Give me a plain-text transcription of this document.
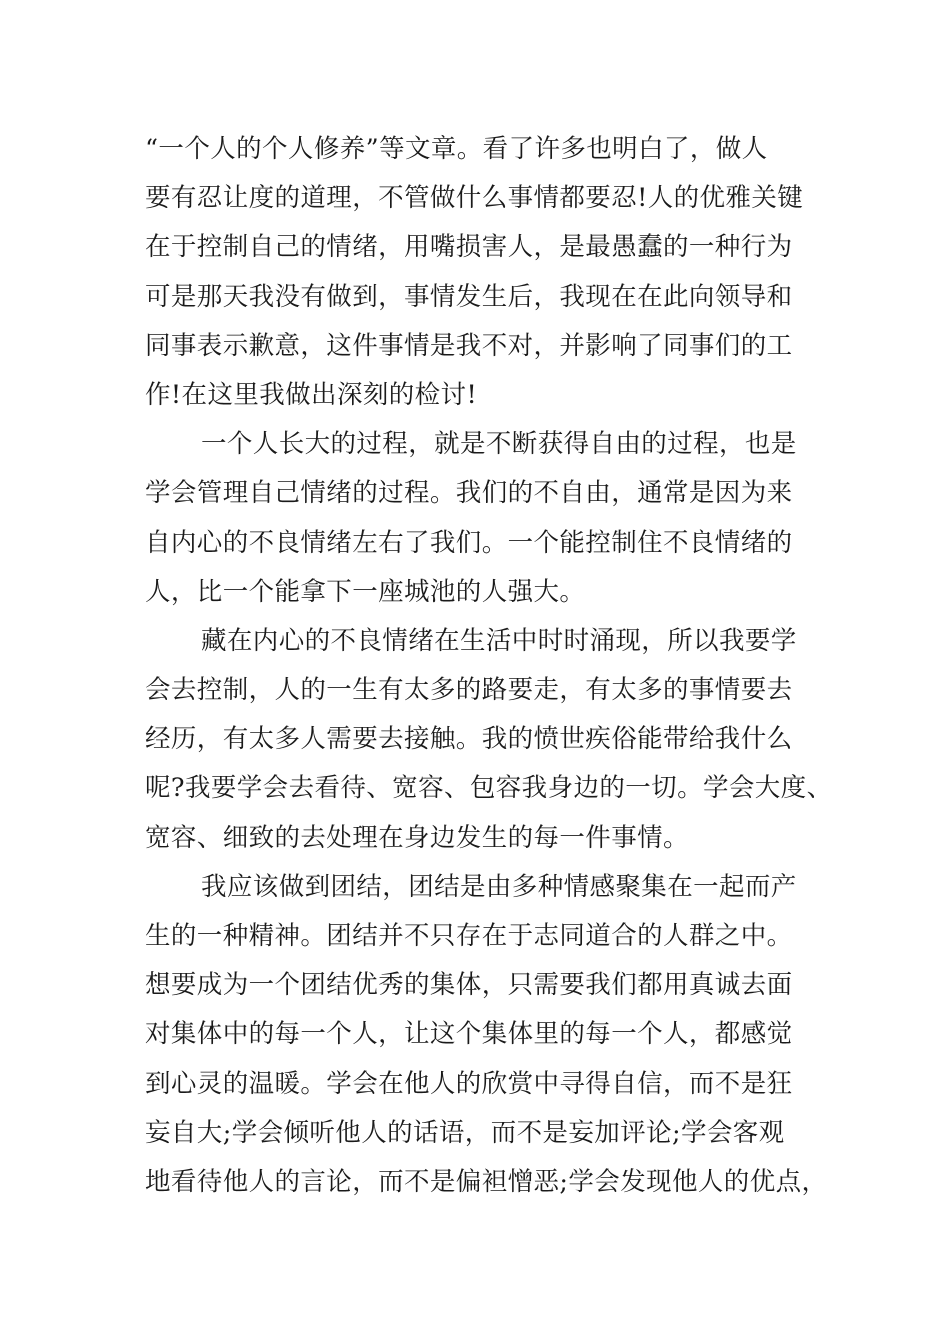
“一个人的个人修养”等文章。看了许多也明白了，做人
要有忍让度的道理，不管做什么事情都要忍!人的优雅关键
在于控制自己的情绪，用嘴损害人，是最愚蠢的一种行为
可是那天我没有做到，事情发生后，我现在在此向领导和
同事表示歉意，这件事情是我不对，并影响了同事们的工
作!在这里我做出深刻的检讨!
一个人长大的过程，就是不断获得自由的过程，也是
学会管理自己情绪的过程。我们的不自由，通常是因为来
自内心的不良情绪左右了我们。一个能控制住不良情绪的
人，比一个能拿下一座城池的人强大。
藏在内心的不良情绪在生活中时时涌现，所以我要学
会去控制，人的一生有太多的路要走，有太多的事情要去
经历，有太多人需要去接触。我的愤世疾俗能带给我什么
呢?我要学会去看待、宽容、包容我身边的一切。学会大度、
宽容、细致的去处理在身边发生的每一件事情。
我应该做到团结，团结是由多种情感聚集在一起而产
生的一种精神。团结并不只存在于志同道合的人群之中。
想要成为一个团结优秀的集体，只需要我们都用真诚去面
对集体中的每一个人，让这个集体里的每一个人，都感觉
到心灵的温暖。学会在他人的欣赏中寻得自信，而不是狂
妄自大;学会倾听他人的话语，而不是妄加评论;学会客观
地看待他人的言论，而不是偏袒憎恶;学会发现他人的优点，
